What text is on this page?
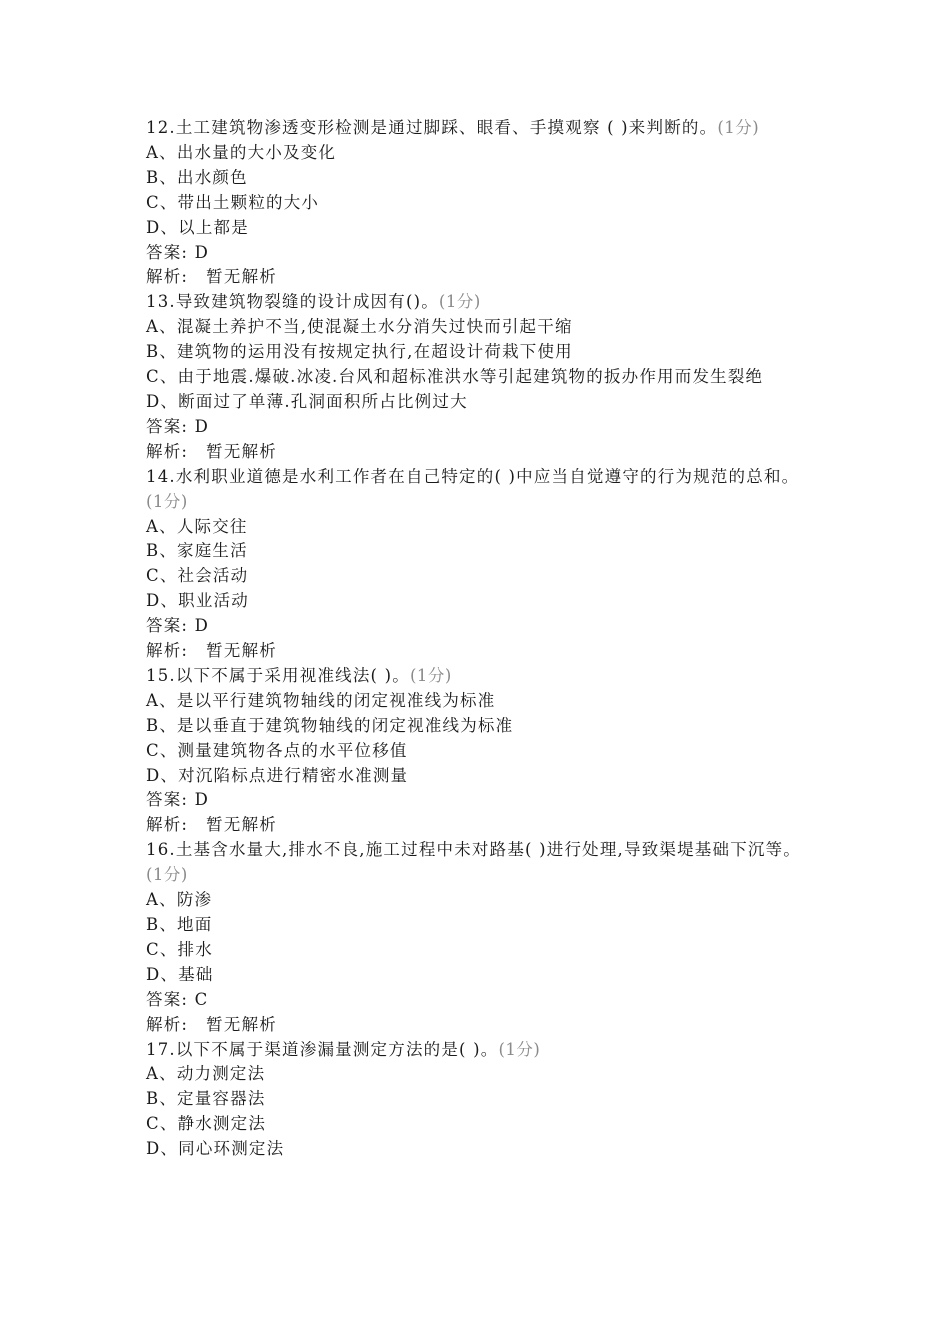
12.土工建筑物渗透变形检测是通过脚踩、眼看、手摸观察 ( )来判断的。(1分)
A、出水量的大小及变化
B、出水颜色
C、带出土颗粒的大小
D、以上都是
答案: D
解析: 暂无解析
13.导致建筑物裂缝的设计成因有()。(1分)
A、混凝土养护不当,使混凝土水分消失过快而引起干缩
B、建筑物的运用没有按规定执行,在超设计荷栽下使用
C、由于地震.爆破.冰凌.台风和超标准洪水等引起建筑物的扳办作用而发生裂绝
D、断面过了单薄.孔洞面积所占比例过大
答案: D
解析: 暂无解析
14.水利职业道德是水利工作者在自己特定的( )中应当自觉遵守的行为规范的总和。(1分)
A、人际交往
B、家庭生活
C、社会活动
D、职业活动
答案: D
解析: 暂无解析
15.以下不属于采用视准线法( )。(1分)
A、是以平行建筑物轴线的闭定视准线为标准
B、是以垂直于建筑物轴线的闭定视准线为标准
C、测量建筑物各点的水平位移值
D、对沉陷标点进行精密水准测量
答案: D
解析: 暂无解析
16.土基含水量大,排水不良,施工过程中未对路基( )进行处理,导致渠堤基础下沉等。(1分)
A、防渗
B、地面
C、排水
D、基础
答案: C
解析: 暂无解析
17.以下不属于渠道渗漏量测定方法的是( )。(1分)
A、动力测定法
B、定量容器法
C、静水测定法
D、同心环测定法
